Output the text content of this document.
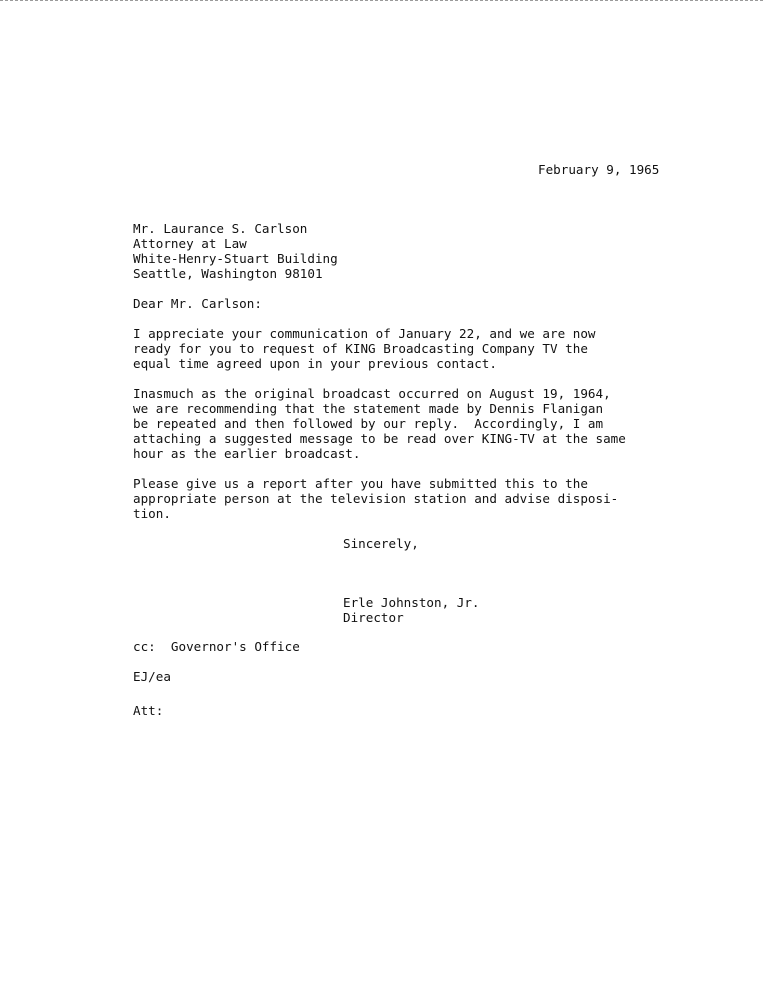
February 9, 1965
Mr. Laurance S. Carlson
Attorney at Law
White-Henry-Stuart Building
Seattle, Washington 98101
Dear Mr. Carlson:
I appreciate your communication of January 22, and we are now
ready for you to request of KING Broadcasting Company TV the
equal time agreed upon in your previous contact.
Inasmuch as the original broadcast occurred on August 19, 1964,
we are recommending that the statement made by Dennis Flanigan
be repeated and then followed by our reply.  Accordingly, I am
attaching a suggested message to be read over KING-TV at the same
hour as the earlier broadcast.
Please give us a report after you have submitted this to the
appropriate person at the television station and advise disposi-
tion.
Sincerely,
Erle Johnston, Jr.
Director
cc:  Governor's Office
EJ/ea
Att:
